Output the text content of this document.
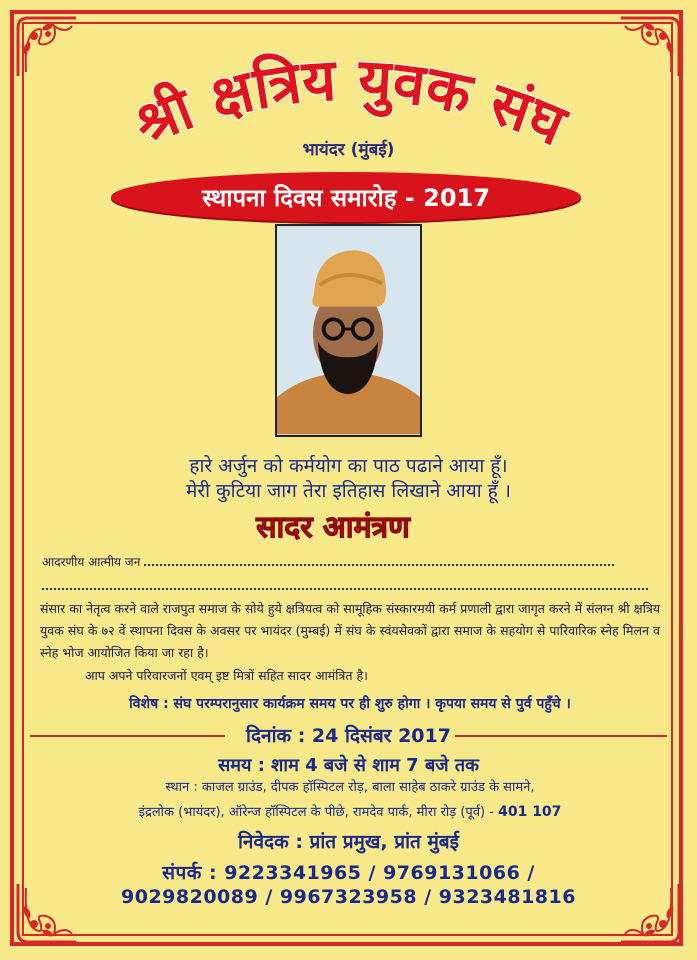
श्री क्षत्रिय युवक संघ
भायंदर (मुंबई)
स्थापना दिवस समारोह - 2017
हारे अर्जुन को कर्मयोग का पाठ पढाने आया हूँ।
मेरी कुटिया जाग तेरा इतिहास लिखाने आया हूँ ।
सादर आमंत्रण
आदरणीय आत्मीय जन
संसार का नेतृत्व करने वाले राजपुत समाज के सोये हुये क्षत्रियत्व को सामूहिक संस्कारमयी कर्म प्रणाली द्वारा जागृत करने में संलग्न श्री क्षत्रिय युवक संघ के ७२ वें स्थापना दिवस के अवसर पर भायंदर (मुम्बई) में संघ के स्वंयसेवकों द्वारा समाज के सहयोग से पारिवारिक स्नेह मिलन व स्नेह भोज आयोजित किया जा रहा है।
आप अपने परिवारजनों एवम् इष्ट मित्रों सहित सादर आमंत्रित है।
विशेष : संघ परम्परानुसार कार्यक्रम समय पर ही शुरु होगा । कृपया समय से पुर्व पहुँचे ।
दिनांक : 24 दिसंबर 2017
समय : शाम 4 बजे से शाम 7 बजे तक
स्थान : काजल ग्राउंड, दीपक हॉस्पिटल रोड़, बाला साहेब ठाकरे ग्राउंड के सामने,
इंद्रलोक (भायंदर), ऑरेन्ज हॉस्पिटल के पीछे, रामदेव पार्क, मीरा रोड़ (पूर्व) - 401 107
निवेदक : प्रांत प्रमुख, प्रांत मुंबई
संपर्क : 9223341965 / 9769131066 /
9029820089 / 9967323958 / 9323481816
